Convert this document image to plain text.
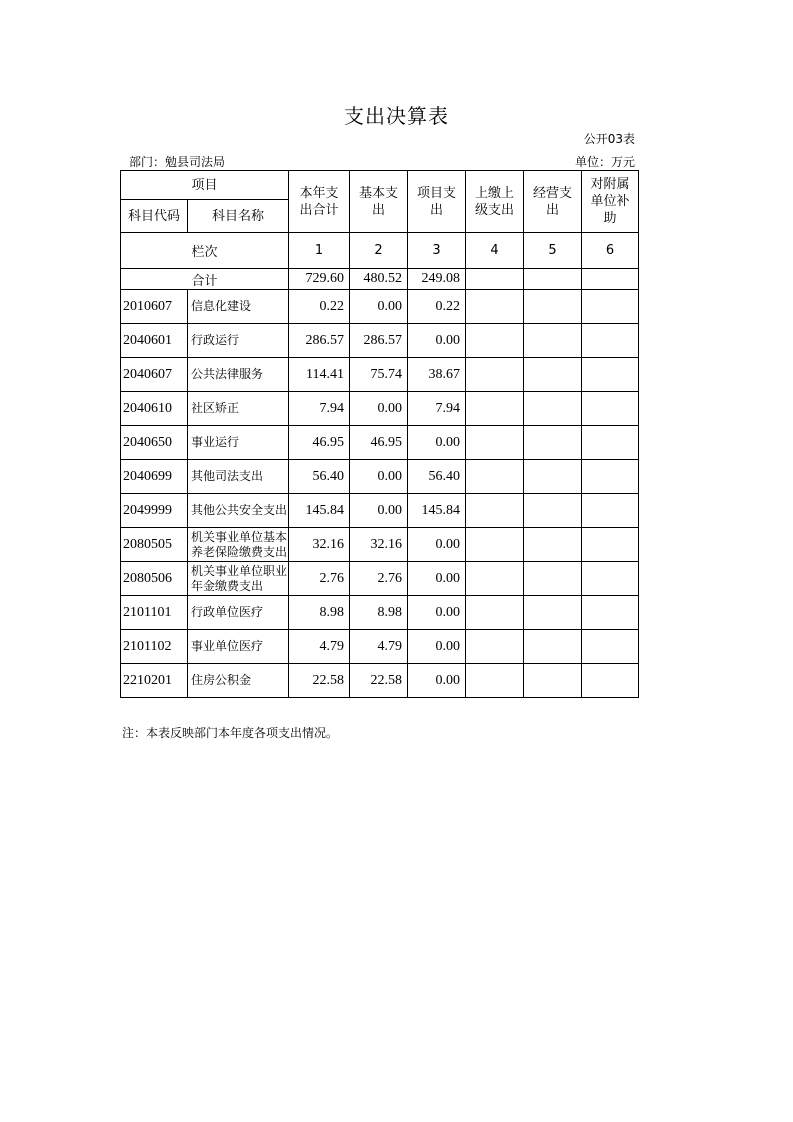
支出决算表
公开03表
部门：勉县司法局	单位：万元
项目		本年支出合计	基本支出	项目支出	上缴上级支出	经营支出	对附属单位补助
科目代码	科目名称						
栏次		1	2	3	4	5	6
合计		729.60	480.52	249.08			
2010607	信息化建设	0.22	0.00	0.22			
2040601	行政运行	286.57	286.57	0.00			
2040607	公共法律服务	114.41	75.74	38.67			
2040610	社区矫正	7.94	0.00	7.94			
2040650	事业运行	46.95	46.95	0.00			
2040699	其他司法支出	56.40	0.00	56.40			
2049999	其他公共安全支出	145.84	0.00	145.84			
2080505	机关事业单位基本养老保险缴费支出	32.16	32.16	0.00			
2080506	机关事业单位职业年金缴费支出	2.76	2.76	0.00			
2101101	行政单位医疗	8.98	8.98	0.00			
2101102	事业单位医疗	4.79	4.79	0.00			
2210201	住房公积金	22.58	22.58	0.00			
注：本表反映部门本年度各项支出情况。
